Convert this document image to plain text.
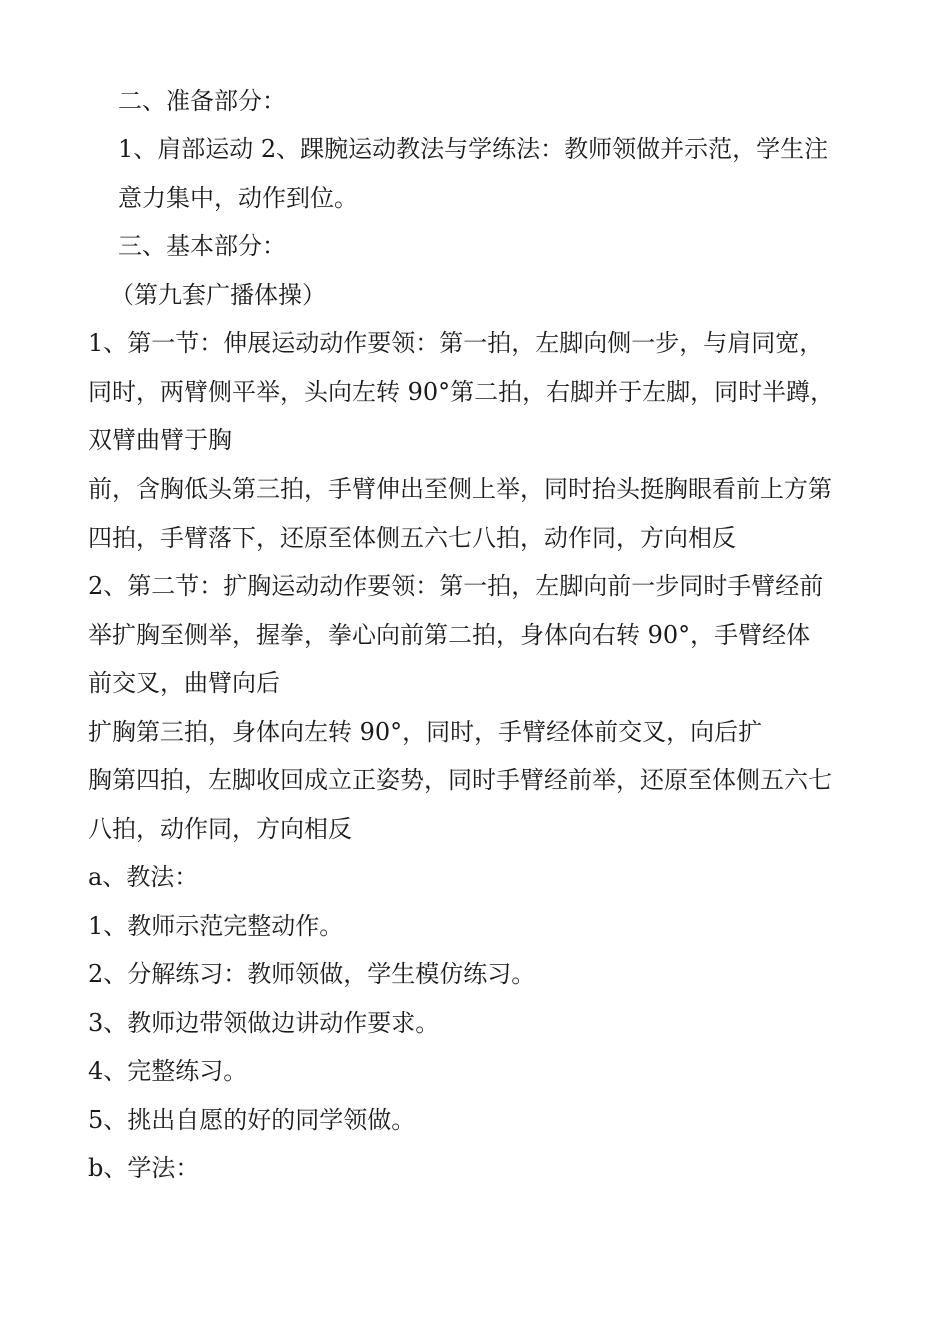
二、准备部分：
1、肩部运动 2、踝腕运动教法与学练法：教师领做并示范，学生注
意力集中，动作到位。
三、基本部分：
（第九套广播体操）
1、第一节：伸展运动动作要领：第一拍，左脚向侧一步，与肩同宽，
同时，两臂侧平举，头向左转 90°第二拍，右脚并于左脚，同时半蹲，
双臂曲臂于胸
前，含胸低头第三拍，手臂伸出至侧上举，同时抬头挺胸眼看前上方第
四拍，手臂落下，还原至体侧五六七八拍，动作同，方向相反
2、第二节：扩胸运动动作要领：第一拍，左脚向前一步同时手臂经前
举扩胸至侧举，握拳，拳心向前第二拍，身体向右转 90°，手臂经体
前交叉，曲臂向后
扩胸第三拍，身体向左转 90°，同时，手臂经体前交叉，向后扩
胸第四拍，左脚收回成立正姿势，同时手臂经前举，还原至体侧五六七
八拍，动作同，方向相反
a、教法：
1、教师示范完整动作。
2、分解练习：教师领做，学生模仿练习。
3、教师边带领做边讲动作要求。
4、完整练习。
5、挑出自愿的好的同学领做。
b、学法：
